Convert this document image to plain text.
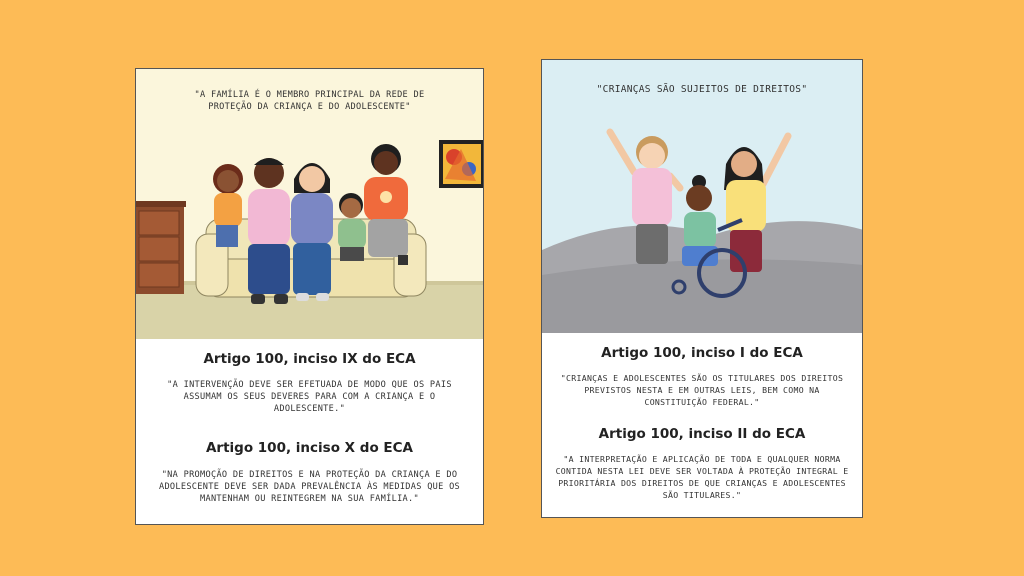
"A FAMÍLIA É O MEMBRO PRINCIPAL DA REDE DE PROTEÇÃO DA CRIANÇA E DO ADOLESCENTE"
Artigo 100, inciso IX do ECA
"A INTERVENÇÃO DEVE SER EFETUADA DE MODO QUE OS PAIS ASSUMAM OS SEUS DEVERES PARA COM A CRIANÇA E O ADOLESCENTE."
Artigo 100, inciso X do ECA
"NA PROMOÇÃO DE DIREITOS E NA PROTEÇÃO DA CRIANÇA E DO ADOLESCENTE DEVE SER DADA PREVALÊNCIA ÀS MEDIDAS QUE OS MANTENHAM OU REINTEGREM NA SUA FAMÍLIA."
"CRIANÇAS SÃO SUJEITOS DE DIREITOS"
Artigo 100, inciso I do ECA
"CRIANÇAS E ADOLESCENTES SÃO OS TITULARES DOS DIREITOS PREVISTOS NESTA E EM OUTRAS LEIS, BEM COMO NA CONSTITUIÇÃO FEDERAL."
Artigo 100, inciso II do ECA
"A INTERPRETAÇÃO E APLICAÇÃO DE TODA E QUALQUER NORMA CONTIDA NESTA LEI DEVE SER VOLTADA À PROTEÇÃO INTEGRAL E PRIORITÁRIA DOS DIREITOS DE QUE CRIANÇAS E ADOLESCENTES SÃO TITULARES."
